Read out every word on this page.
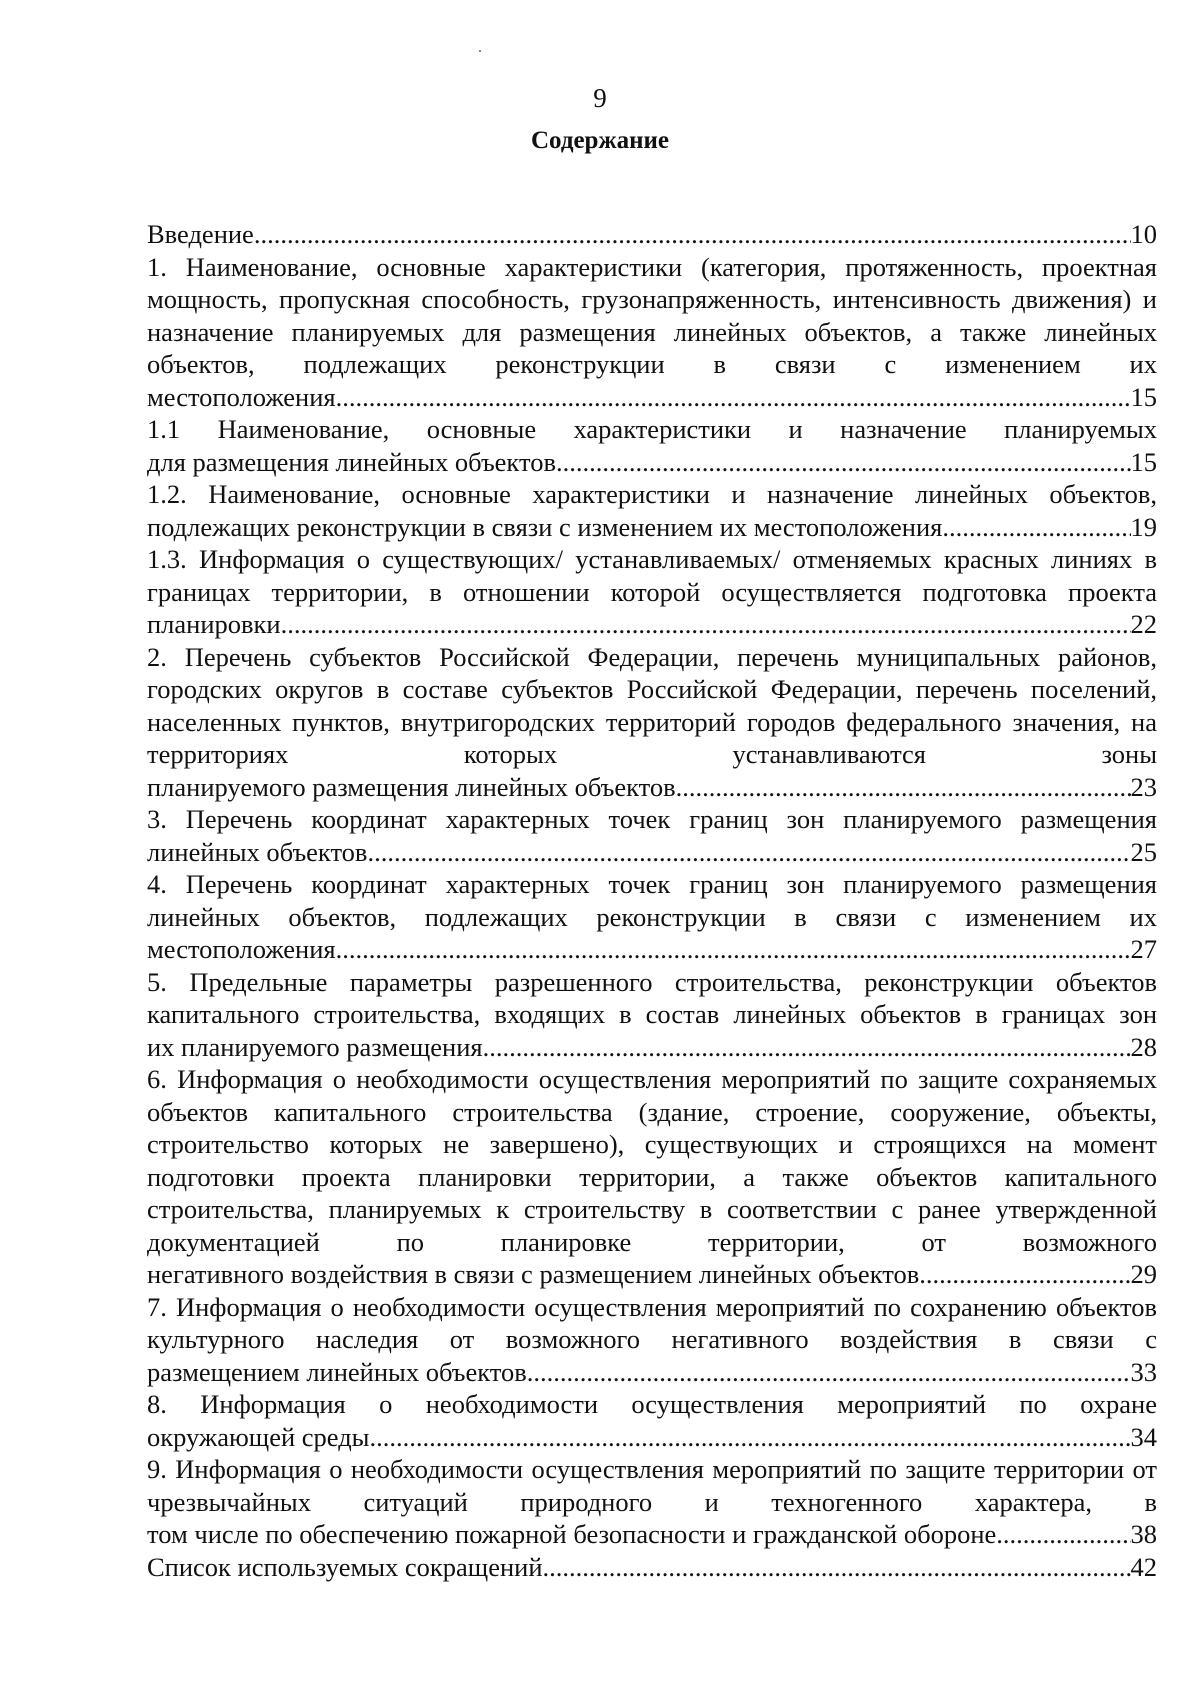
9
Содержание
Введение .....	10
1. Наименование, основные характеристики (категория, протяженность, проектная мощность, пропускная способность, грузонапряженность, интенсивность движения) и назначение планируемых для размещения линейных объектов, а также линейных объектов, подлежащих реконструкции в связи с изменением их
местоположения .....	15
1.1 Наименование, основные характеристики и назначение планируемых
для размещения линейных объектов .....	15
1.2. Наименование, основные характеристики и назначение линейных объектов,
подлежащих реконструкции в связи с изменением их местоположения .....	19
1.3. Информация о существующих/ устанавливаемых/ отменяемых красных линиях в границах территории, в отношении которой осуществляется подготовка проекта
планировки .....	22
2. Перечень субъектов Российской Федерации, перечень муниципальных районов, городских округов в составе субъектов Российской Федерации, перечень поселений, населенных пунктов, внутригородских территорий городов федерального значения, на территориях которых устанавливаются зоны
планируемого размещения линейных объектов .....	23
3. Перечень координат характерных точек границ зон планируемого размещения
линейных объектов .....	25
4. Перечень координат характерных точек границ зон планируемого размещения линейных объектов, подлежащих реконструкции в связи с изменением их
местоположения .....	27
5. Предельные параметры разрешенного строительства, реконструкции объектов капитального строительства, входящих в состав линейных объектов в границах зон
их планируемого размещения .....	28
6. Информация о необходимости осуществления мероприятий по защите сохраняемых объектов капитального строительства (здание, строение, сооружение, объекты, строительство которых не завершено), существующих и строящихся на момент подготовки проекта планировки территории, а также объектов капитального строительства, планируемых к строительству в соответствии с ранее утвержденной документацией по планировке территории, от возможного
негативного воздействия в связи с размещением линейных объектов .....	29
7. Информация о необходимости осуществления мероприятий по сохранению объектов культурного наследия от возможного негативного воздействия в связи с
размещением линейных объектов .....	33
8. Информация о необходимости осуществления мероприятий по охране
окружающей среды .....	34
9. Информация о необходимости осуществления мероприятий по защите территории от чрезвычайных ситуаций природного и техногенного характера, в
том числе по обеспечению пожарной безопасности и гражданской обороне .....	38
Список используемых сокращений .....	42
